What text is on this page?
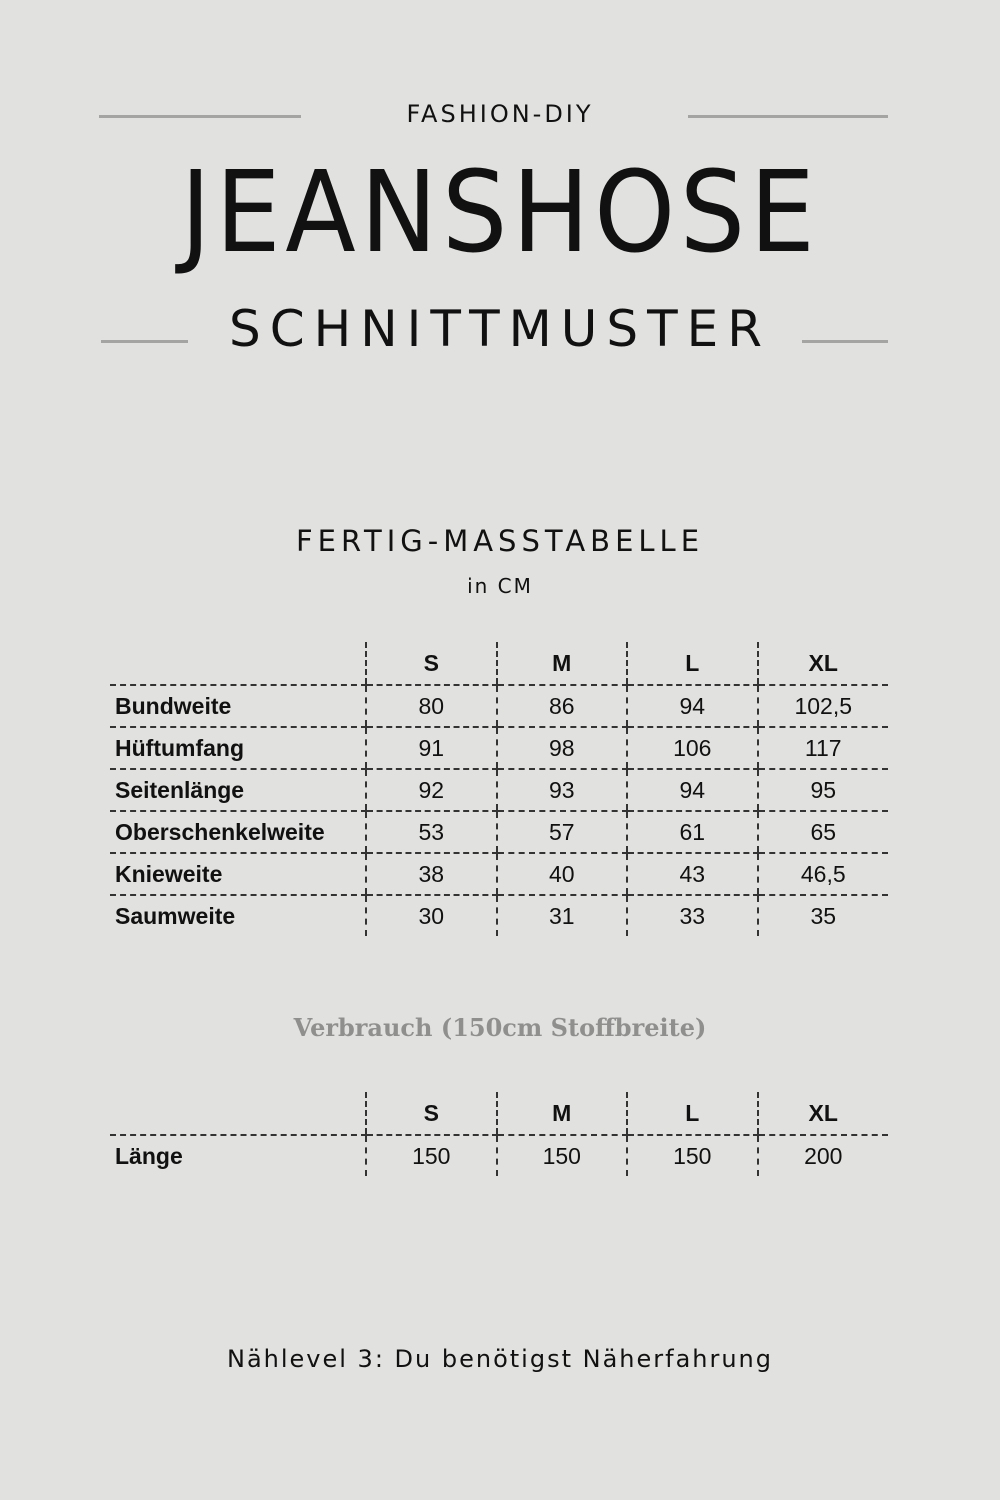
FASHION-DIY
JEANSHOSE
SCHNITTMUSTER
FERTIG-MASSTABELLE
in CM
	S	M	L	XL
Bundweite	80	86	94	102,5
Hüftumfang	91	98	106	117
Seitenlänge	92	93	94	95
Oberschenkelweite	53	57	61	65
Knieweite	38	40	43	46,5
Saumweite	30	31	33	35
Verbrauch (150cm Stoffbreite)
	S	M	L	XL
Länge	150	150	150	200
Nählevel 3: Du benötigst Näherfahrung
